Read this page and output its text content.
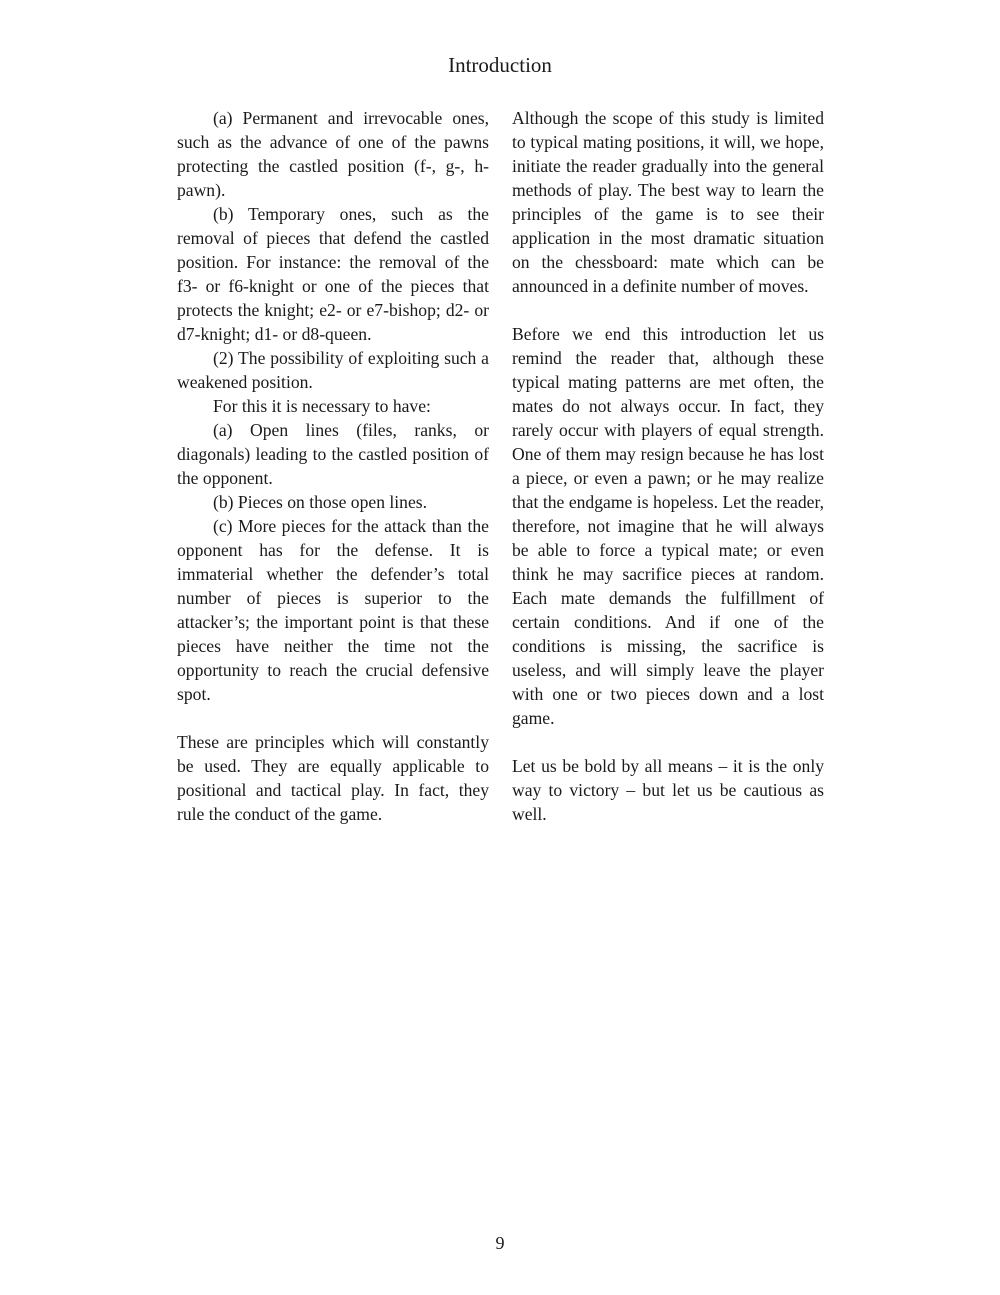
Introduction

(a) Permanent and irrevocable ones, such as the advance of one of the pawns protecting the castled position (f-, g-, h-pawn).

(b) Temporary ones, such as the removal of pieces that defend the castled position. For instance: the removal of the f3- or f6-knight or one of the pieces that protects the knight; e2- or e7-bishop; d2- or d7-knight; d1- or d8-queen.

(2) The possibility of exploiting such a weakened position.

For this it is necessary to have:

(a) Open lines (files, ranks, or diagonals) leading to the castled position of the opponent.

(b) Pieces on those open lines.

(c) More pieces for the attack than the opponent has for the defense. It is immaterial whether the defender’s total number of pieces is superior to the attacker’s; the important point is that these pieces have neither the time not the opportunity to reach the crucial defensive spot.

These are principles which will constantly be used. They are equally applicable to positional and tactical play. In fact, they rule the conduct of the game.

Although the scope of this study is limited to typical mating positions, it will, we hope, initiate the reader gradually into the general methods of play. The best way to learn the principles of the game is to see their application in the most dramatic situation on the chessboard: mate which can be announced in a definite number of moves.

Before we end this introduction let us remind the reader that, although these typical mating patterns are met often, the mates do not always occur. In fact, they rarely occur with players of equal strength. One of them may resign because he has lost a piece, or even a pawn; or he may realize that the endgame is hopeless. Let the reader, therefore, not imagine that he will always be able to force a typical mate; or even think he may sacrifice pieces at random. Each mate demands the fulfillment of certain conditions. And if one of the conditions is missing, the sacrifice is useless, and will simply leave the player with one or two pieces down and a lost game.

Let us be bold by all means – it is the only way to victory – but let us be cautious as well.

9
